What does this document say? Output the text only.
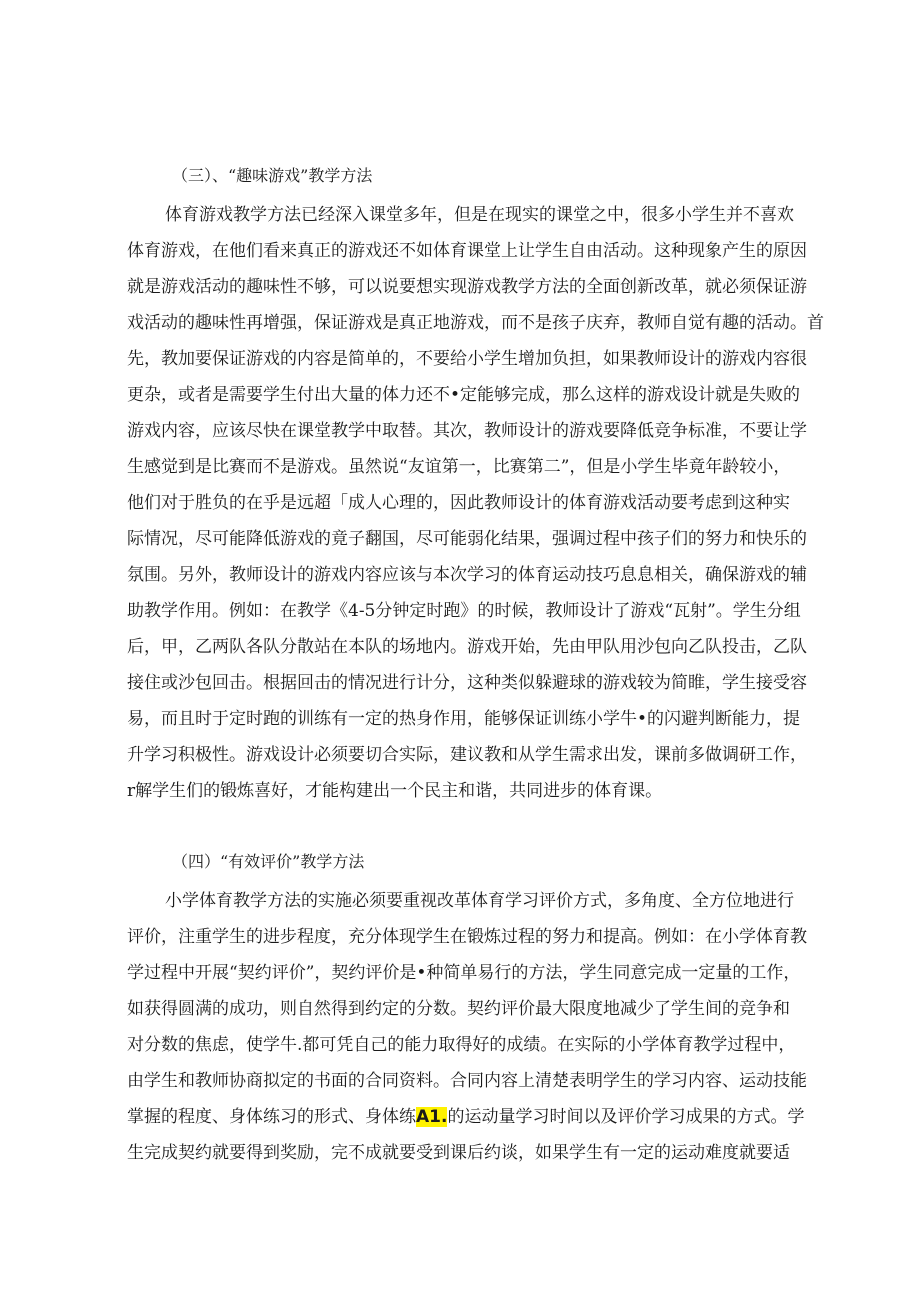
（三）、“趣味游戏”教学方法

体育游戏教学方法已经深入课堂多年，但是在现实的课堂之中，很多小学生并不喜欢

体育游戏，在他们看来真正的游戏还不如体育课堂上让学生自由活动。这种现象产生的原因

就是游戏活动的趣味性不够，可以说要想实现游戏教学方法的全面创新改革，就必须保证游

戏活动的趣味性再增强，保证游戏是真正地游戏，而不是孩子庆弃，教师自觉有趣的活动。首

先，教加要保证游戏的内容是简单的，不要给小学生增加负担，如果教师设计的游戏内容很

更杂，或者是需要学生付出大量的体力还不•定能够完成，那么这样的游戏设计就是失败的

游戏内容，应该尽快在课堂教学中取替。其次，教师设计的游戏要降低竞争标准，不要让学

生感觉到是比赛而不是游戏。虽然说“友谊第一，比赛第二”，但是小学生毕竟年龄较小，

他们对于胜负的在乎是远超「成人心理的，因此教师设计的体育游戏活动要考虑到这种实

际情况，尽可能降低游戏的竟子翻国，尽可能弱化结果，强调过程中孩子们的努力和快乐的

氛围。另外，教师设计的游戏内容应该与本次学习的体育运动技巧息息相关，确保游戏的辅

助教学作用。例如：在教学《4-5分钟定时跑》的时候，教师设计了游戏“瓦射”。学生分组

后，甲，乙两队各队分散站在本队的场地内。游戏开始，先由甲队用沙包向乙队投击，乙队

接住或沙包回击。根据回击的情况进行计分，这种类似躲避球的游戏较为简睢，学生接受容

易，而且时于定时跑的训练有一定的热身作用，能够保证训练小学牛•的闪避判断能力，提

升学习积极性。游戏设计必须要切合实际，建议教和从学生需求出发，课前多做调研工作，

r解学生们的锻炼喜好，才能构建出一个民主和谐，共同进步的体育课。

（四）“有效评价”教学方法

小学体育教学方法的实施必须要重视改革体育学习评价方式，多角度、全方位地进行

评价，注重学生的进步程度，充分体现学生在锻炼过程的努力和提高。例如：在小学体育教

学过程中开展“契约评价”，契约评价是•种简单易行的方法，学生同意完成一定量的工作，

如获得圆满的成功，则自然得到约定的分数。契约评价最大限度地减少了学生间的竞争和

对分数的焦虑，使学牛.都可凭自己的能力取得好的成绩。在实际的小学体育教学过程中，

由学生和教师协商拟定的书面的合同资料。合同内容上清楚表明学生的学习内容、运动技能

掌握的程度、身体练习的形式、身体练A1.的运动量学习时间以及评价学习成果的方式。学

生完成契约就要得到奖励，完不成就要受到课后约谈，如果学生有一定的运动难度就要适
